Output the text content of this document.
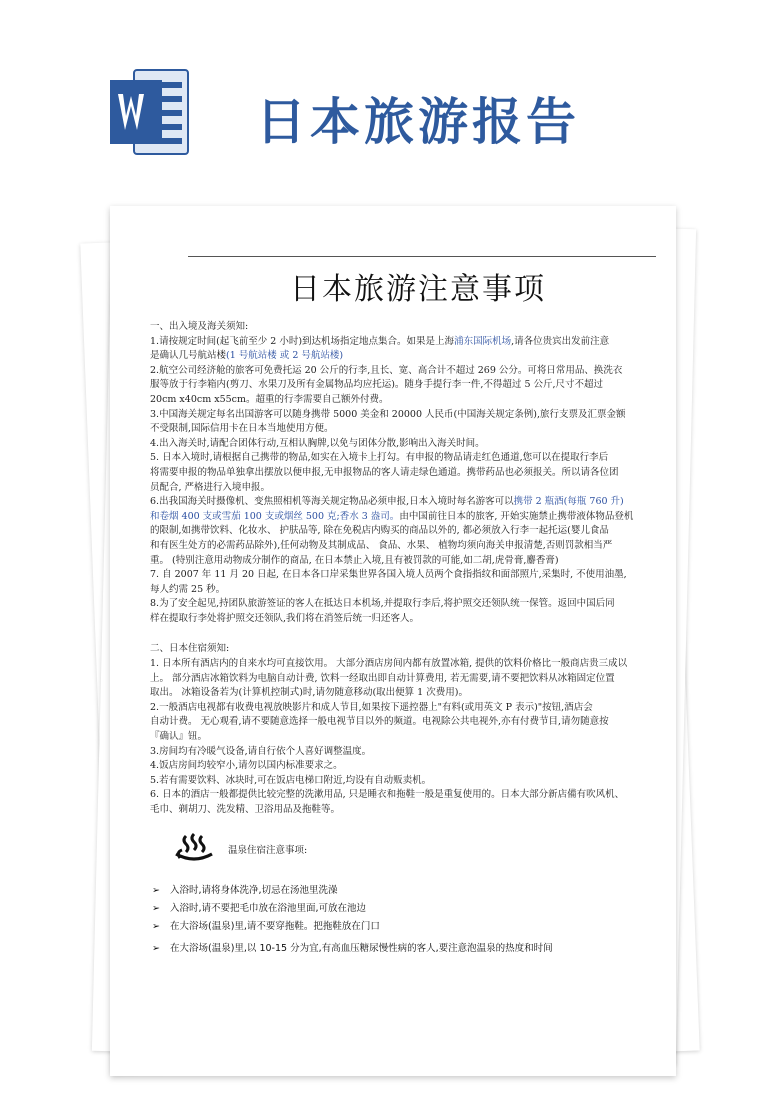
日本旅游报告
日本旅游注意事项

一、出入境及海关须知:

1.请按规定时间(起飞前至少 2 小时)到达机场指定地点集合。如果是上海浦东国际机场,请各位贵宾出发前注意

是确认几号航站楼(1 号航站楼 或 2 号航站楼)

2.航空公司经济舱的旅客可免费托运 20 公斤的行李,且长、宽、高合计不超过 269 公分。可将日常用品、换洗衣

服等放于行李箱内(剪刀、水果刀及所有金属物品均应托运)。随身手提行李一件,不得超过 5 公斤,尺寸不超过

20cm x40cm x55cm。超重的行李需要自己额外付费。

3.中国海关规定每名出国游客可以随身携带 5000 美金和 20000 人民币(中国海关规定条例),旅行支票及汇票金额

不受限制,国际信用卡在日本当地使用方便。

4.出入海关时,请配合团体行动,互相认胸牌,以免与团体分散,影响出入海关时间。

5. 日本入境时,请根据自己携带的物品,如实在入境卡上打勾。有申报的物品请走红色通道,您可以在提取行李后

将需要申报的物品单独拿出摆放以便申报,无申报物品的客人请走绿色通道。携带药品也必须报关。所以请各位团

员配合, 严格进行入境申报。

6.出我国海关时摄像机、变焦照相机等海关规定物品必须申报,日本入境时每名游客可以携带 2 瓶酒(每瓶 760 升)

和卷烟 400 支或雪茄 100 支或烟丝 500 克;香水 3 盎司。由中国前往日本的旅客, 开始实施禁止携带液体物品登机

的限制,如携带饮料、化妆水、 护肤品等, 除在免税店内购买的商品以外的, 都必须放入行李一起托运(婴儿食品

和有医生处方的必需药品除外),任何动物及其制成品、 食品、水果、 植物均须向海关申报清楚,否则罚款相当严

重。 (特别注意用动物成分制作的商品, 在日本禁止入境,且有被罚款的可能,如二胡,虎骨膏,麝香膏)

7. 自 2007 年 11 月 20 日起, 在日本各口岸采集世界各国入境人员两个食指指纹和面部照片,采集时, 不使用油墨,

每人约需 25 秒。

8.为了安全起见,持团队旅游签证的客人在抵达日本机场,并提取行李后,将护照交还领队统一保管。返回中国后同

样在提取行李处将护照交还领队,我们将在消签后统一归还客人。

二、日本住宿须知:

1. 日本所有酒店内的自来水均可直接饮用。 大部分酒店房间内都有放置冰箱, 提供的饮料价格比一般商店贵三成以

上。 部分酒店冰箱饮料为电脑自动计费, 饮料一经取出即自动计算费用, 若无需要,请不要把饮料从冰箱固定位置

取出。 冰箱设备若为(计算机控制式)时,请勿随意移动(取出便算 1 次费用)。

2.一般酒店电视都有收费电视放映影片和成人节目,如果按下遥控器上"有料(或用英文 P 表示)"按钮,酒店会

自动计费。 无心观看,请不要随意选择一般电视节目以外的频道。电视除公共电视外,亦有付费节目,请勿随意按

『确认』钮。

3.房间均有冷暖气设备,请自行依个人喜好调整温度。

4.饭店房间均较窄小,请勿以国内标准要求之。

5.若有需要饮料、冰块时,可在饭店电梯口附近,均设有自动贩卖机。

6. 日本的酒店一般都提供比较完整的洗漱用品, 只是睡衣和拖鞋一般是重复使用的。日本大部分新店備有吹风机、

毛巾、剃胡刀、洗发精、卫浴用品及拖鞋等。

温泉住宿注意事项:
➢ 入浴时,请将身体洗净,切忌在汤池里洗澡
➢ 入浴时,请不要把毛巾放在浴池里面,可放在池边
➢ 在大浴场(温泉)里,请不要穿拖鞋。把拖鞋放在门口
➢ 在大浴场(温泉)里,以 10-15 分为宜,有高血压糖尿慢性病的客人,要注意泡温泉的热度和时间
